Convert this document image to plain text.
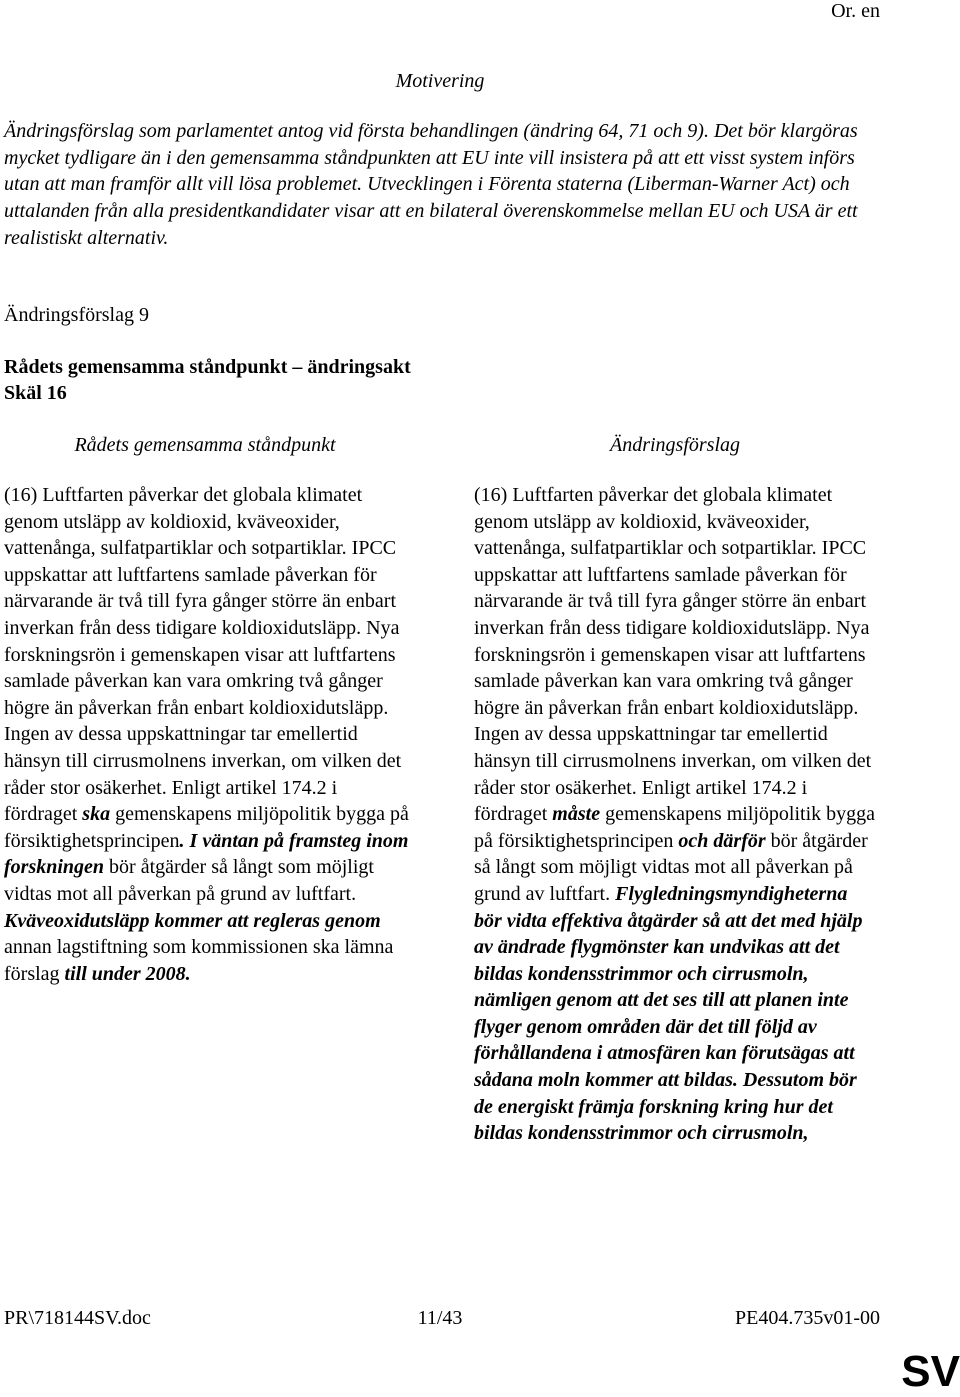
Or. en
Motivering
Ändringsförslag som parlamentet antog vid första behandlingen (ändring 64, 71 och 9). Det bör klargöras mycket tydligare än i den gemensamma ståndpunkten att EU inte vill insistera på att ett visst system införs utan att man framför allt vill lösa problemet. Utvecklingen i Förenta staterna (Liberman-Warner Act) och uttalanden från alla presidentkandidater visar att en bilateral överenskommelse mellan EU och USA är ett realistiskt alternativ.
Ändringsförslag 9
Rådets gemensamma ståndpunkt – ändringsakt
Skäl 16
Rådets gemensamma ståndpunkt	Ändringsförslag
(16) Luftfarten påverkar det globala klimatet genom utsläpp av koldioxid, kväveoxider, vattenånga, sulfatpartiklar och sotpartiklar. IPCC uppskattar att luftfartens samlade påverkan för närvarande är två till fyra gånger större än enbart inverkan från dess tidigare koldioxidutsläpp. Nya forskningsrön i gemenskapen visar att luftfartens samlade påverkan kan vara omkring två gånger högre än påverkan från enbart koldioxidutsläpp. Ingen av dessa uppskattningar tar emellertid hänsyn till cirrusmolnens inverkan, om vilken det råder stor osäkerhet. Enligt artikel 174.2 i fördraget ska gemenskapens miljöpolitik bygga på försiktighetsprincipen. I väntan på framsteg inom forskningen bör åtgärder så långt som möjligt vidtas mot all påverkan på grund av luftfart. Kväveoxidutsläpp kommer att regleras genom annan lagstiftning som kommissionen ska lämna förslag till under 2008.
(16) Luftfarten påverkar det globala klimatet genom utsläpp av koldioxid, kväveoxider, vattenånga, sulfatpartiklar och sotpartiklar. IPCC uppskattar att luftfartens samlade påverkan för närvarande är två till fyra gånger större än enbart inverkan från dess tidigare koldioxidutsläpp. Nya forskningsrön i gemenskapen visar att luftfartens samlade påverkan kan vara omkring två gånger högre än påverkan från enbart koldioxidutsläpp. Ingen av dessa uppskattningar tar emellertid hänsyn till cirrusmolnens inverkan, om vilken det råder stor osäkerhet. Enligt artikel 174.2 i fördraget måste gemenskapens miljöpolitik bygga på försiktighetsprincipen och därför bör åtgärder så långt som möjligt vidtas mot all påverkan på grund av luftfart. Flygledningsmyndigheterna bör vidta effektiva åtgärder så att det med hjälp av ändrade flygmönster kan undvikas att det bildas kondensstrimmor och cirrusmoln, nämligen genom att det ses till att planen inte flyger genom områden där det till följd av förhållandena i atmosfären kan förutsägas att sådana moln kommer att bildas. Dessutom bör de energiskt främja forskning kring hur det bildas kondensstrimmor och cirrusmoln,
PR\718144SV.doc	11/43	PE404.735v01-00
SV
